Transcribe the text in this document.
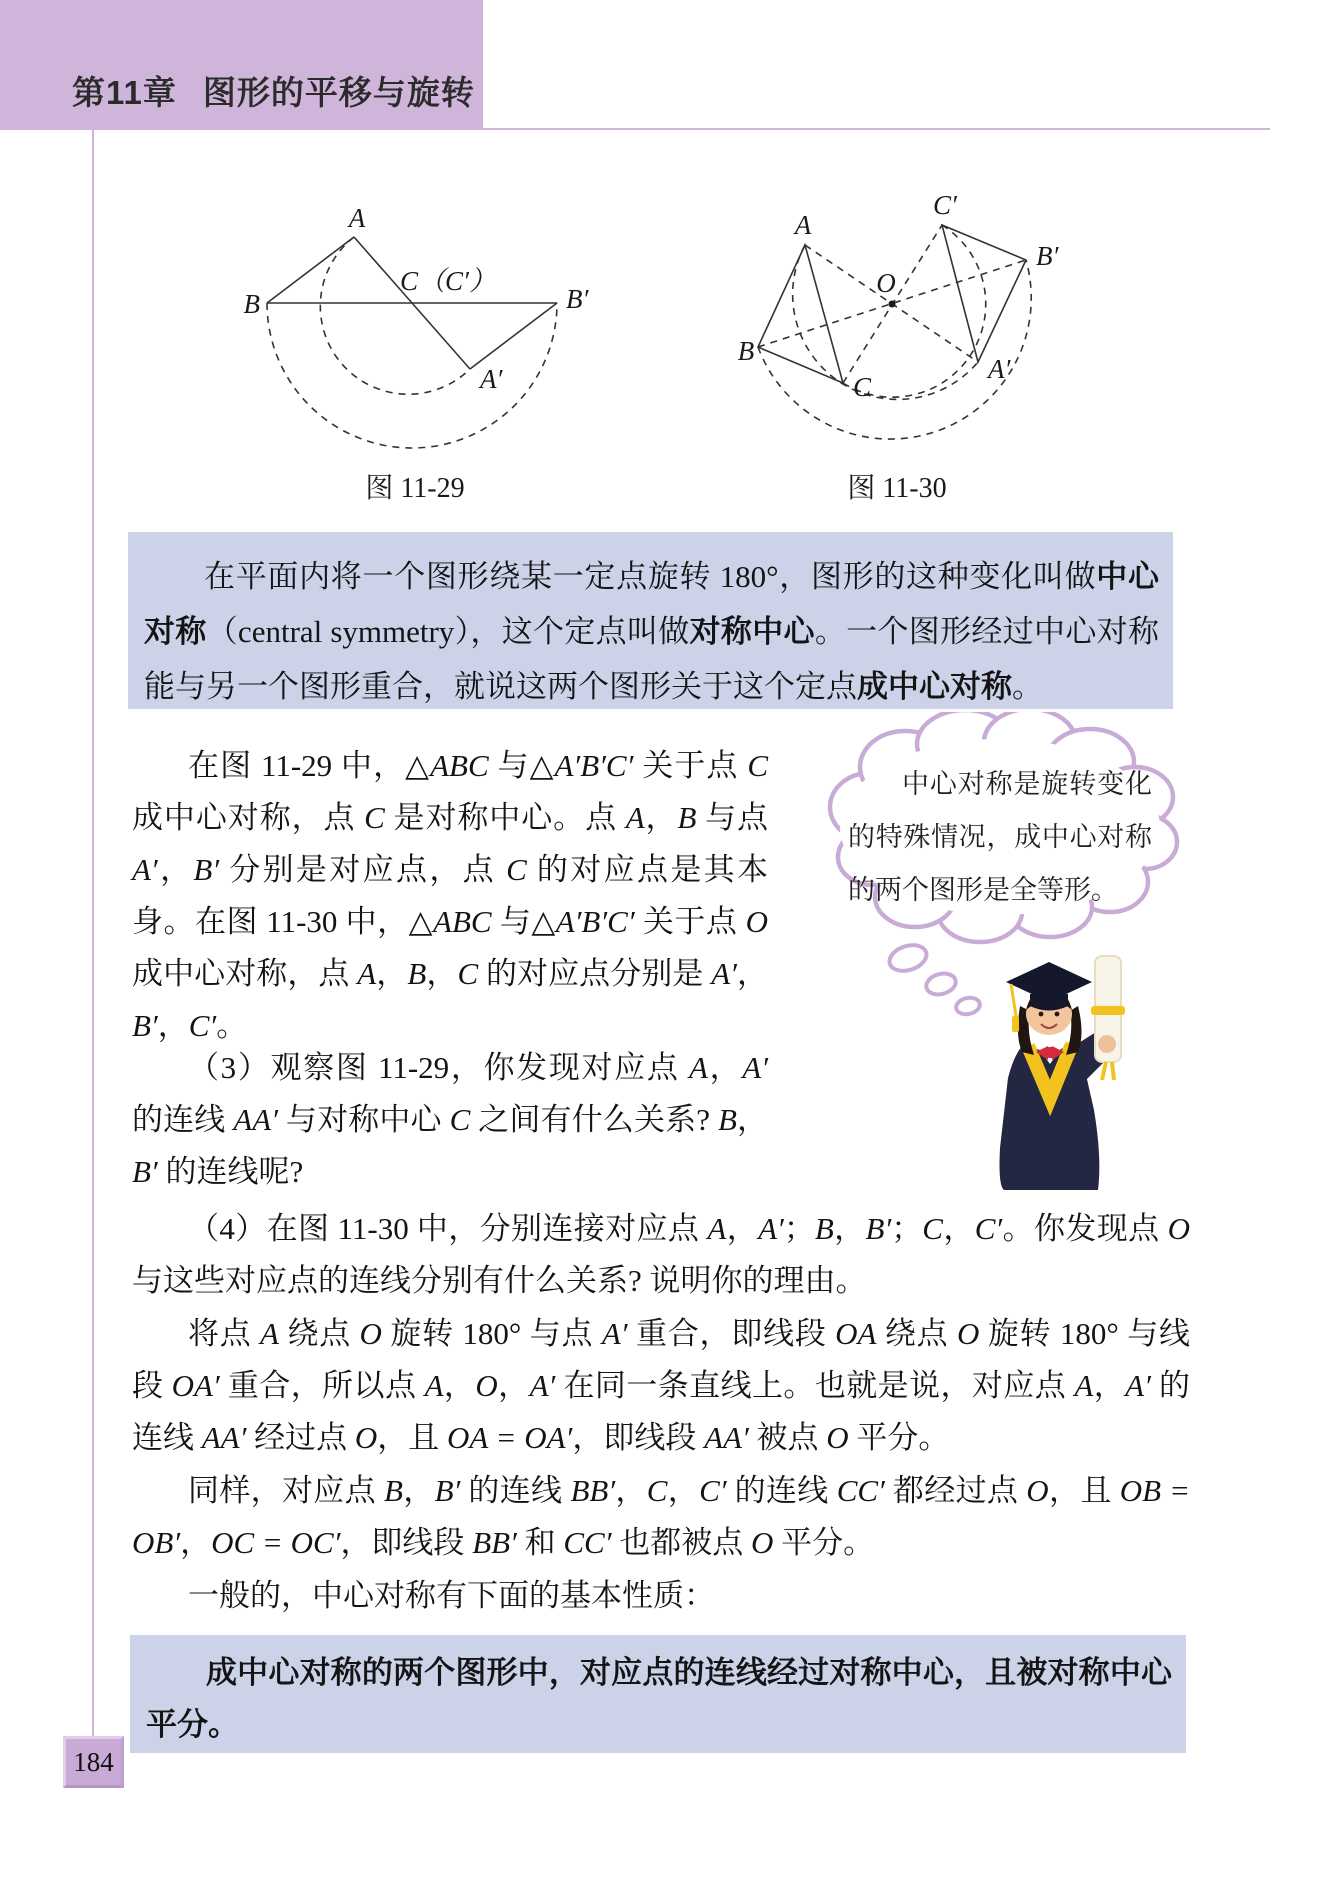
第11章 图形的平移与旋转
A
B
C（C′）
B′
A′
图 11-29
A
B
C
O
A′
B′
C′
图 11-30
在平面内将一个图形绕某一定点旋转 180°，图形的这种变化叫做中心对称（central symmetry），这个定点叫做对称中心。一个图形经过中心对称能与另一个图形重合，就说这两个图形关于这个定点成中心对称。
在图 11-29 中，△ABC 与△A′B′C′ 关于点 C 成中心对称，点 C 是对称中心。点 A，B 与点 A′，B′ 分别是对应点，点 C 的对应点是其本身。在图 11-30 中，△ABC 与△A′B′C′ 关于点 O 成中心对称，点 A，B，C 的对应点分别是 A′，B′，C′。
中心对称是旋转变化的特殊情况，成中心对称的两个图形是全等形。
（3）观察图 11-29，你发现对应点 A，A′ 的连线 AA′ 与对称中心 C 之间有什么关系? B，B′ 的连线呢?
（4）在图 11-30 中，分别连接对应点 A，A′；B，B′；C，C′。你发现点 O 与这些对应点的连线分别有什么关系? 说明你的理由。
将点 A 绕点 O 旋转 180° 与点 A′ 重合，即线段 OA 绕点 O 旋转 180° 与线段 OA′ 重合，所以点 A，O，A′ 在同一条直线上。也就是说，对应点 A，A′ 的连线 AA′ 经过点 O，且 OA = OA′，即线段 AA′ 被点 O 平分。
同样，对应点 B，B′ 的连线 BB′，C，C′ 的连线 CC′ 都经过点 O，且 OB = OB′，OC = OC′，即线段 BB′ 和 CC′ 也都被点 O 平分。
一般的，中心对称有下面的基本性质：
成中心对称的两个图形中，对应点的连线经过对称中心，且被对称中心平分。
184
